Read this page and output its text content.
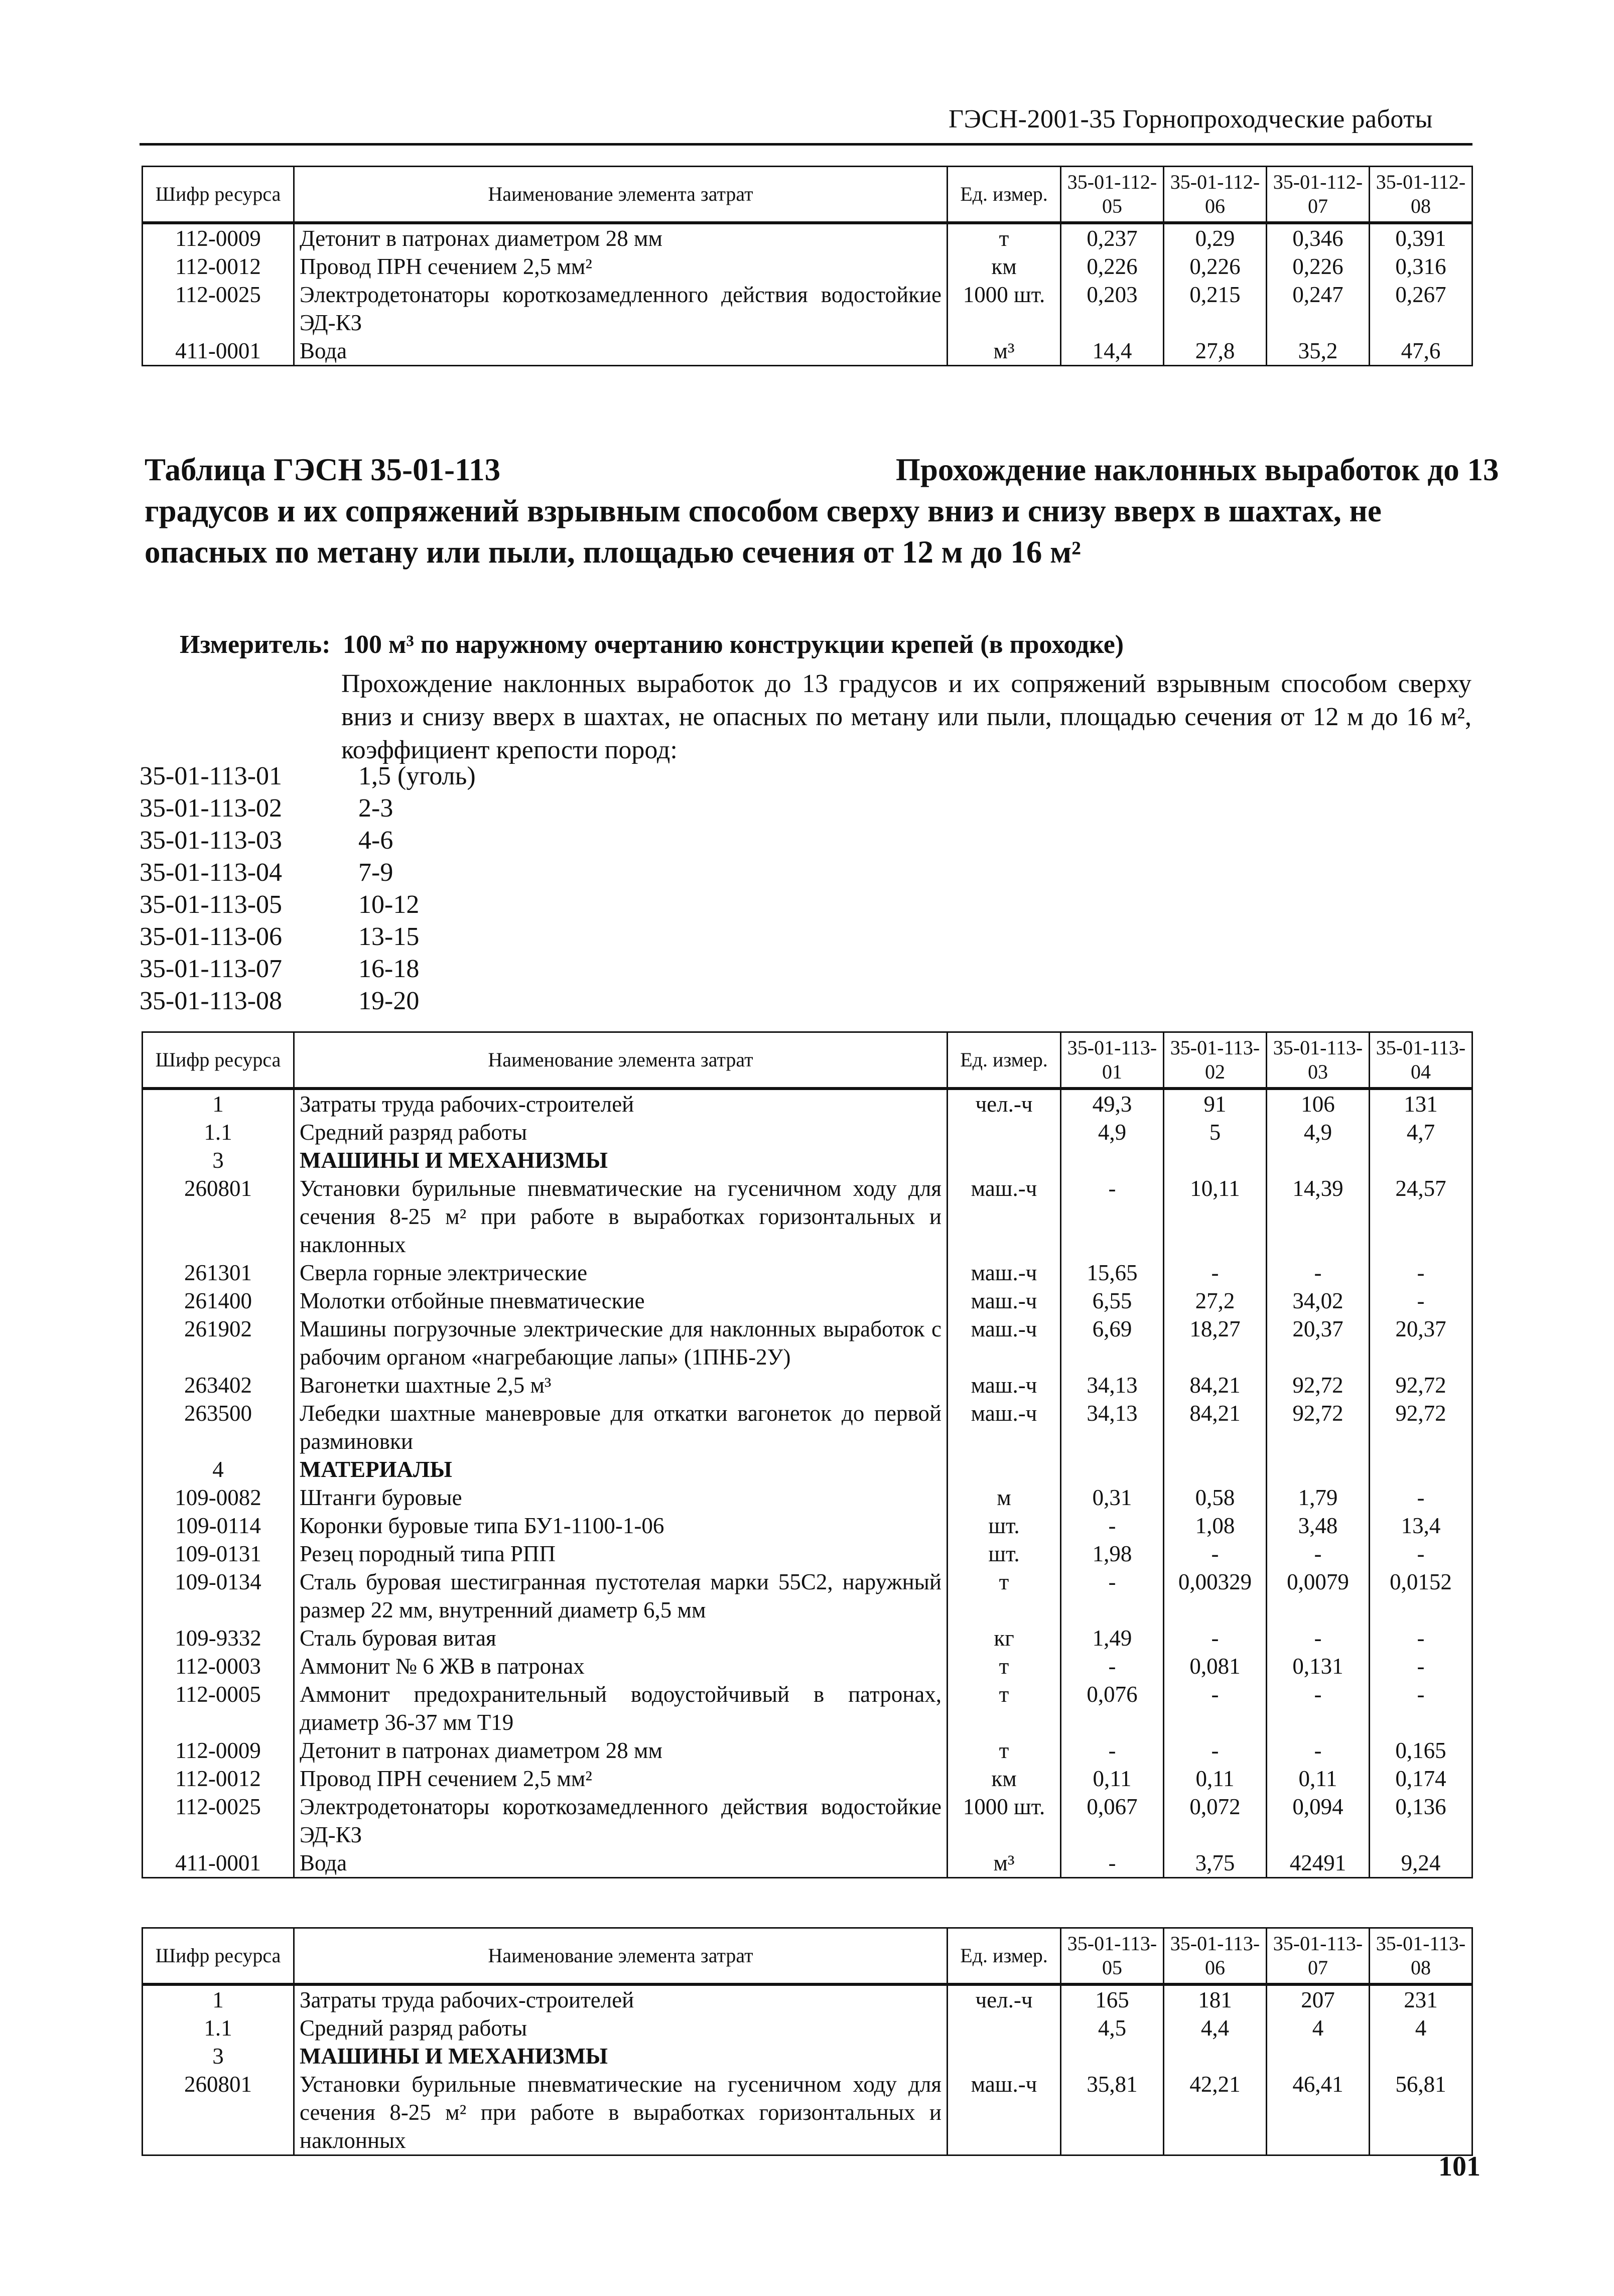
ГЭСН-2001-35 Горнопроходческие работы
Шифр ресурса	Наименование элемента затрат	Ед. измер.	35-01-112-05	35-01-112-06	35-01-112-07	35-01-112-08
112-0009	Детонит в патронах диаметром 28 мм	т	0,237	0,29	0,346	0,391
112-0012	Провод ПРН сечением 2,5 мм²	км	0,226	0,226	0,226	0,316
112-0025	Электродетонаторы короткозамедленного действия водостойкие ЭД-КЗ	1000 шт.	0,203	0,215	0,247	0,267
411-0001	Вода	м³	14,4	27,8	35,2	47,6
Таблица ГЭСН 35-01-113	Прохождение наклонных выработок до 13 градусов и их сопряжений взрывным способом сверху вниз и снизу вверх в шахтах, не опасных по метану или пыли, площадью сечения от 12 м до 16 м²
Измеритель: 100 м³ по наружному очертанию конструкции крепей (в проходке)
Прохождение наклонных выработок до 13 градусов и их сопряжений взрывным способом сверху вниз и снизу вверх в шахтах, не опасных по метану или пыли, площадью сечения от 12 м до 16 м², коэффициент крепости пород:
35-01-113-01	1,5 (уголь)
35-01-113-02	2-3
35-01-113-03	4-6
35-01-113-04	7-9
35-01-113-05	10-12
35-01-113-06	13-15
35-01-113-07	16-18
35-01-113-08	19-20
Шифр ресурса	Наименование элемента затрат	Ед. измер.	35-01-113-01	35-01-113-02	35-01-113-03	35-01-113-04
1	Затраты труда рабочих-строителей	чел.-ч	49,3	91	106	131
1.1	Средний разряд работы		4,9	5	4,9	4,7
3	МАШИНЫ И МЕХАНИЗМЫ					
260801	Установки бурильные пневматические на гусеничном ходу для сечения 8-25 м² при работе в выработках горизонтальных и наклонных	маш.-ч	-	10,11	14,39	24,57
261301	Сверла горные электрические	маш.-ч	15,65	-	-	-
261400	Молотки отбойные пневматические	маш.-ч	6,55	27,2	34,02	-
261902	Машины погрузочные электрические для наклонных выработок с рабочим органом «нагребающие лапы» (1ПНБ-2У)	маш.-ч	6,69	18,27	20,37	20,37
263402	Вагонетки шахтные 2,5 м³	маш.-ч	34,13	84,21	92,72	92,72
263500	Лебедки шахтные маневровые для откатки вагонеток до первой разминовки	маш.-ч	34,13	84,21	92,72	92,72
4	МАТЕРИАЛЫ					
109-0082	Штанги буровые	м	0,31	0,58	1,79	-
109-0114	Коронки буровые типа БУ1-1100-1-06	шт.	-	1,08	3,48	13,4
109-0131	Резец породный типа РПП	шт.	1,98	-	-	-
109-0134	Сталь буровая шестигранная пустотелая марки 55С2, наружный размер 22 мм, внутренний диаметр 6,5 мм	т	-	0,00329	0,0079	0,0152
109-9332	Сталь буровая витая	кг	1,49	-	-	-
112-0003	Аммонит № 6 ЖВ в патронах	т	-	0,081	0,131	-
112-0005	Аммонит предохранительный водоустойчивый в патронах, диаметр 36-37 мм Т19	т	0,076	-	-	-
112-0009	Детонит в патронах диаметром 28 мм	т	-	-	-	0,165
112-0012	Провод ПРН сечением 2,5 мм²	км	0,11	0,11	0,11	0,174
112-0025	Электродетонаторы короткозамедленного действия водостойкие ЭД-КЗ	1000 шт.	0,067	0,072	0,094	0,136
411-0001	Вода	м³	-	3,75	42491	9,24
Шифр ресурса	Наименование элемента затрат	Ед. измер.	35-01-113-05	35-01-113-06	35-01-113-07	35-01-113-08
1	Затраты труда рабочих-строителей	чел.-ч	165	181	207	231
1.1	Средний разряд работы		4,5	4,4	4	4
3	МАШИНЫ И МЕХАНИЗМЫ					
260801	Установки бурильные пневматические на гусеничном ходу для сечения 8-25 м² при работе в выработках горизонтальных и наклонных	маш.-ч	35,81	42,21	46,41	56,81
101
